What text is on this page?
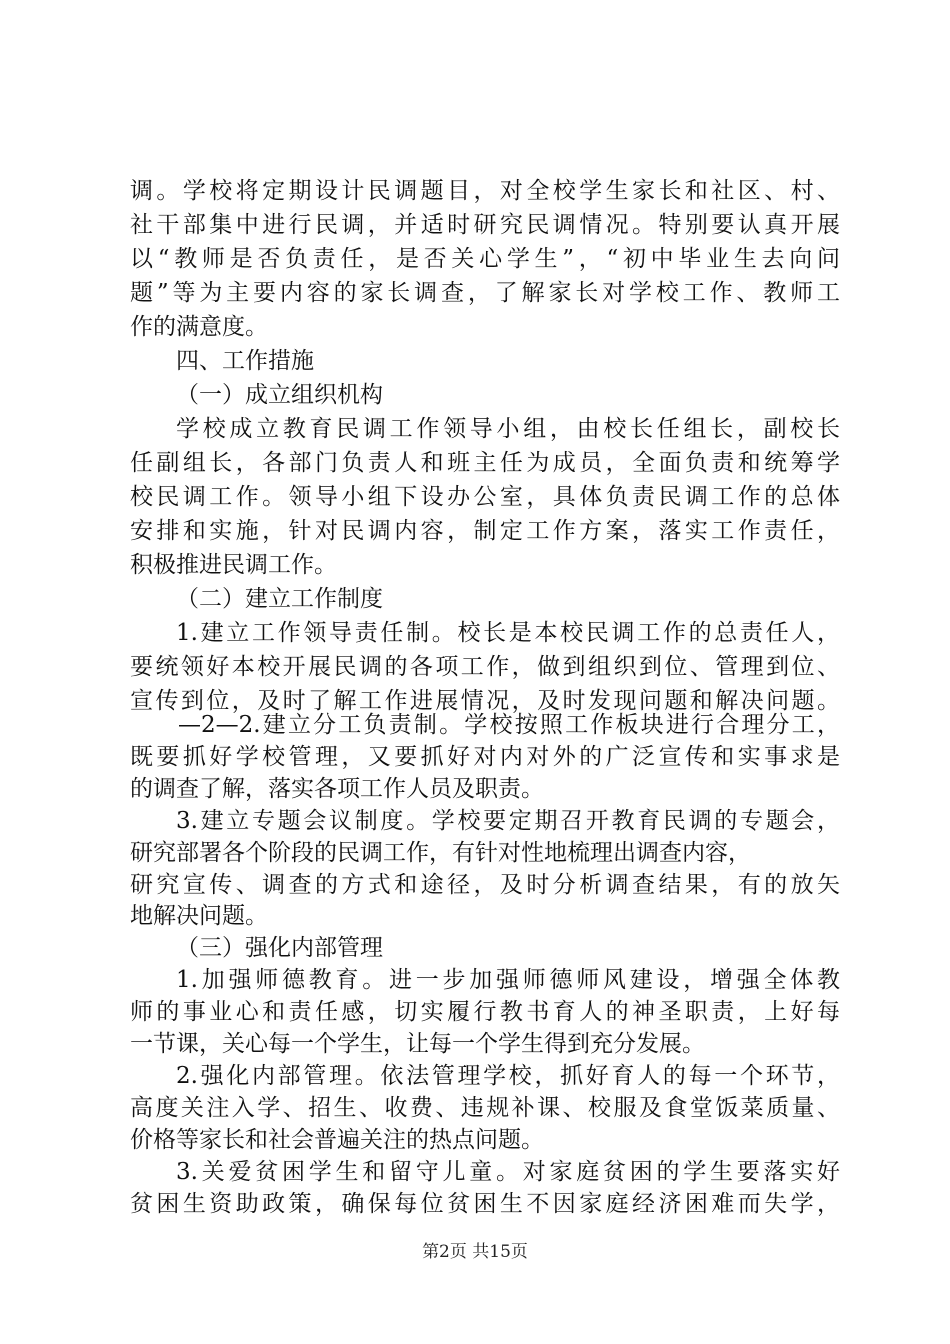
调。学校将定期设计民调题目，对全校学生家长和社区、村、
社干部集中进行民调，并适时研究民调情况。特别要认真开展
以“教师是否负责任，是否关心学生”，“初中毕业生去向问
题”等为主要内容的家长调查，了解家长对学校工作、教师工
作的满意度。
四、工作措施
（一）成立组织机构
学校成立教育民调工作领导小组，由校长任组长，副校长
任副组长，各部门负责人和班主任为成员，全面负责和统筹学
校民调工作。领导小组下设办公室，具体负责民调工作的总体
安排和实施，针对民调内容，制定工作方案，落实工作责任，
积极推进民调工作。
（二）建立工作制度
1.建立工作领导责任制。校长是本校民调工作的总责任人，
要统领好本校开展民调的各项工作，做到组织到位、管理到位、
宣传到位，及时了解工作进展情况，及时发现问题和解决问题。
—2—2.建立分工负责制。学校按照工作板块进行合理分工，
既要抓好学校管理，又要抓好对内对外的广泛宣传和实事求是
的调查了解，落实各项工作人员及职责。
3.建立专题会议制度。学校要定期召开教育民调的专题会，
研究部署各个阶段的民调工作，有针对性地梳理出调查内容，
研究宣传、调查的方式和途径，及时分析调查结果，有的放矢
地解决问题。
（三）强化内部管理
1.加强师德教育。进一步加强师德师风建设，增强全体教
师的事业心和责任感，切实履行教书育人的神圣职责，上好每
一节课，关心每一个学生，让每一个学生得到充分发展。
2.强化内部管理。依法管理学校，抓好育人的每一个环节，
高度关注入学、招生、收费、违规补课、校服及食堂饭菜质量、
价格等家长和社会普遍关注的热点问题。
第2页 共15页
3.关爱贫困学生和留守儿童。对家庭贫困的学生要落实好
贫困生资助政策，确保每位贫困生不因家庭经济困难而失学，
